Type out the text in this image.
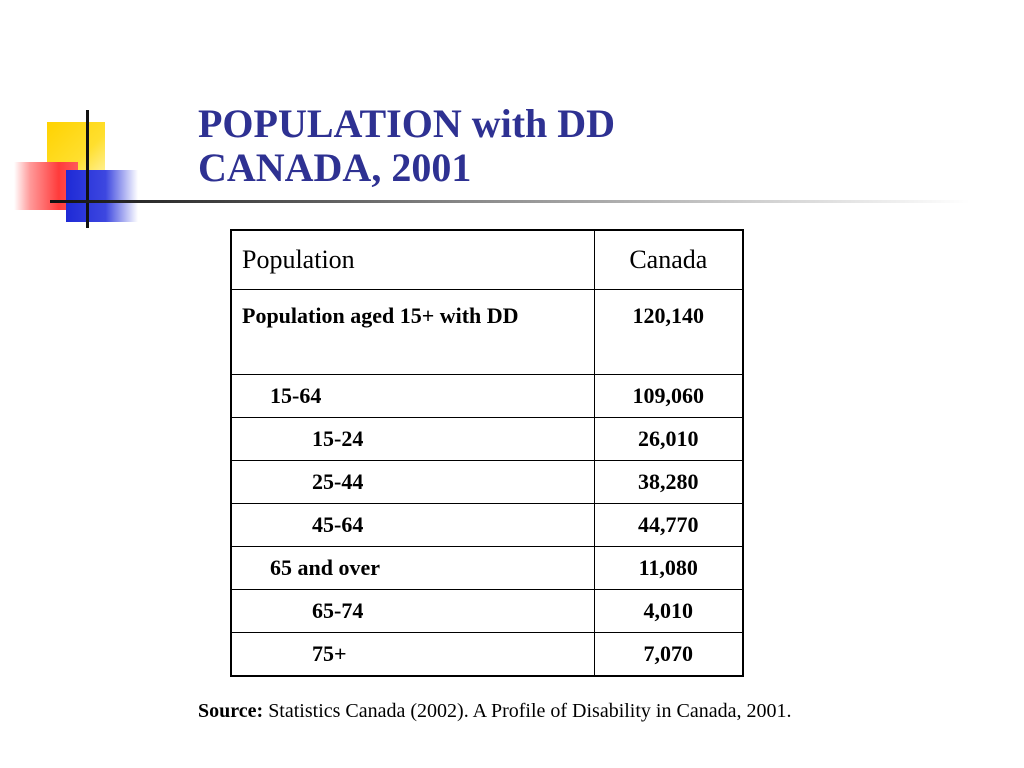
POPULATION with DD
CANADA, 2001
Population	Canada
Population aged 15+ with DD	120,140
15-64	109,060
15-24	26,010
25-44	38,280
45-64	44,770
65 and over	11,080
65-74	4,010
75+	7,070

Source: Statistics Canada (2002). A Profile of Disability in Canada, 2001.
